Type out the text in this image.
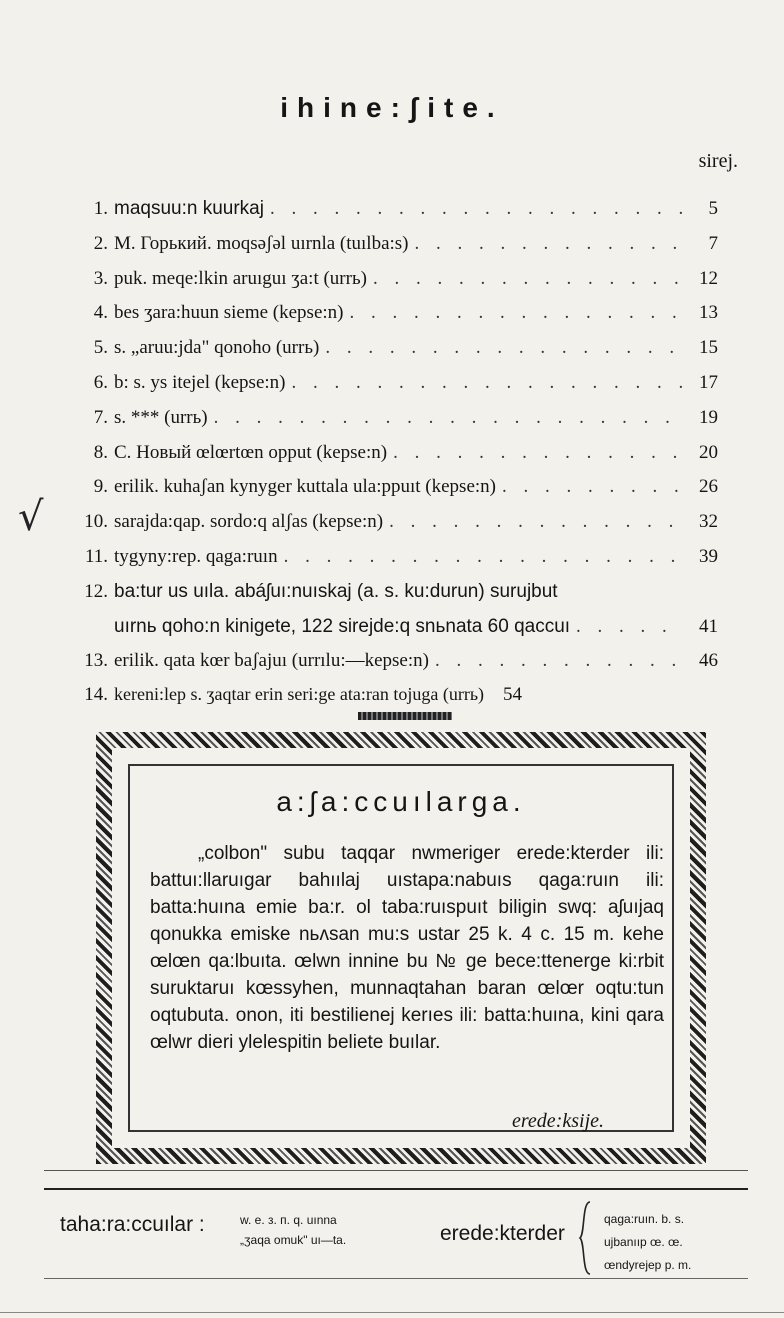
ihine:ʃite.
sirej.
√
1. maqsuu:n kuurkaj . . .	5
2. M. Горький. moqsəʃəl uırnla (tuılba:s) . . .	7
3. puk. meqe:lkin aruıguı ʒa:t (urrь) . . .	12
4. bes ʒara:huun sieme (kepse:n) . . .	13
5. s. „aruu:jda" qonoho (urrь) . . .	15
6. b: s. ys itejel (kepse:n) . . .	17
7. s. *** (urrь) . . .	19
8. C. Новый œlœrtœn opput (kepse:n) . . .	20
9. erilik. kuhaʃan kynyger kuttala ula:ppuıt (kepse:n) . . .	26
10. sarajda:qap. sordo:q alʃas (kepse:n) . . .	32
11. tygyny:rep. qaga:ruın . . .	39
12. ba:tur us uıla. abáʃuı:nuıskaj (a. s. ku:durun) surujbut
uırnь qoho:n kinigete, 122 sirejde:q snьnata 60 qaccuı . . .	41
13. erilik. qata kœr baʃajuı (urrılu:—kepse:n) . . .	46
14. kereni:lep s. ʒaqtar erin seri:ge ata:ran tojuga (urrь)	54
a:ʃa:ccuılarga.
„colbon" subu taqqar nwmeriger erede:kterder ili: battuı:llaruıgar bahıılaj uıstapa:nabuıs qaga:ruın ili: batta:huına emie ba:r. ol taba:ruıspuıt biligin swq: aʃuıjaq qonukka emiske nьʌsan mu:s ustar 25 k. 4 c. 15 m. kehe œlœn qa:lbuıta. œlwn innine bu № ge bece:ttenerge ki:rbit suruktaruı kœssyhen, munnaqtahan baran œlœr oqtu:tun oqtubuta. onon, iti bestilienej kerıes ili: batta:huına, kini qara œlwr dieri ylelespitin beliete buılar.
erede:ksije.
taha:ra:ccuılar :	w. e. з. п. q. uınna
„ʒaqa omuk" uı—ta.	erede:kterder
qaga:ruın. b. s.
ujbanııр œ. œ.
œndyrejep p. m.
